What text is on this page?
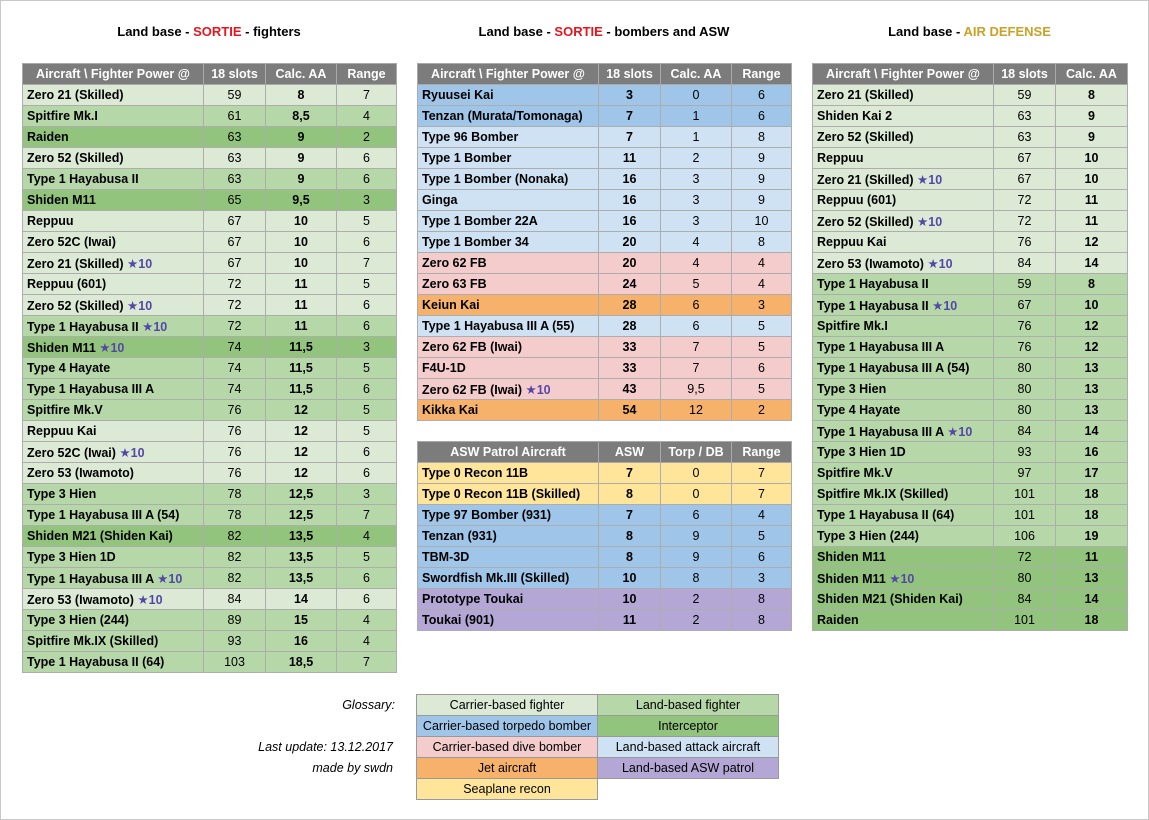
Land base - SORTIE - fighters	Land base - SORTIE - bombers and ASW	Land base - AIR DEFENSE
Aircraft \ Fighter Power @	18 slots	Calc. AA	Range
Zero 21 (Skilled)	59	8	7
Spitfire Mk.I	61	8,5	4
Raiden	63	9	2
Zero 52 (Skilled)	63	9	6
Type 1 Hayabusa II	63	9	6
Shiden M11	65	9,5	3
Reppuu	67	10	5
Zero 52C (Iwai)	67	10	6
Zero 21 (Skilled) ★10	67	10	7
Reppuu (601)	72	11	5
Zero 52 (Skilled) ★10	72	11	6
Type 1 Hayabusa II ★10	72	11	6
Shiden M11 ★10	74	11,5	3
Type 4 Hayate	74	11,5	5
Type 1 Hayabusa III A	74	11,5	6
Spitfire Mk.V	76	12	5
Reppuu Kai	76	12	5
Zero 52C (Iwai) ★10	76	12	6
Zero 53 (Iwamoto)	76	12	6
Type 3 Hien	78	12,5	3
Type 1 Hayabusa III A (54)	78	12,5	7
Shiden M21 (Shiden Kai)	82	13,5	4
Type 3 Hien 1D	82	13,5	5
Type 1 Hayabusa III A ★10	82	13,5	6
Zero 53 (Iwamoto) ★10	84	14	6
Type 3 Hien (244)	89	15	4
Spitfire Mk.IX (Skilled)	93	16	4
Type 1 Hayabusa II (64)	103	18,5	7
Aircraft \ Fighter Power @	18 slots	Calc. AA	Range
Ryuusei Kai	3	0	6
Tenzan (Murata/Tomonaga)	7	1	6
Type 96 Bomber	7	1	8
Type 1 Bomber	11	2	9
Type 1 Bomber (Nonaka)	16	3	9
Ginga	16	3	9
Type 1 Bomber 22A	16	3	10
Type 1 Bomber 34	20	4	8
Zero 62 FB	20	4	4
Zero 63 FB	24	5	4
Keiun Kai	28	6	3
Type 1 Hayabusa III A (55)	28	6	5
Zero 62 FB (Iwai)	33	7	5
F4U-1D	33	7	6
Zero 62 FB (Iwai) ★10	43	9,5	5
Kikka Kai	54	12	2
ASW Patrol Aircraft	ASW	Torp / DB	Range
Type 0 Recon 11B	7	0	7
Type 0 Recon 11B (Skilled)	8	0	7
Type 97 Bomber (931)	7	6	4
Tenzan (931)	8	9	5
TBM-3D	8	9	6
Swordfish Mk.III (Skilled)	10	8	3
Prototype Toukai	10	2	8
Toukai (901)	11	2	8
Aircraft \ Fighter Power @	18 slots	Calc. AA
Zero 21 (Skilled)	59	8
Shiden Kai 2	63	9
Zero 52 (Skilled)	63	9
Reppuu	67	10
Zero 21 (Skilled) ★10	67	10
Reppuu (601)	72	11
Zero 52 (Skilled) ★10	72	11
Reppuu Kai	76	12
Zero 53 (Iwamoto) ★10	84	14
Type 1 Hayabusa II	59	8
Type 1 Hayabusa II ★10	67	10
Spitfire Mk.I	76	12
Type 1 Hayabusa III A	76	12
Type 1 Hayabusa III A (54)	80	13
Type 3 Hien	80	13
Type 4 Hayate	80	13
Type 1 Hayabusa III A ★10	84	14
Type 3 Hien 1D	93	16
Spitfire Mk.V	97	17
Spitfire Mk.IX (Skilled)	101	18
Type 1 Hayabusa II (64)	101	18
Type 3 Hien (244)	106	19
Shiden M11	72	11
Shiden M11 ★10	80	13
Shiden M21 (Shiden Kai)	84	14
Raiden	101	18
Glossary:
Last update: 13.12.2017
made by swdn
Carrier-based fighter	Land-based fighter
Carrier-based torpedo bomber	Interceptor
Carrier-based dive bomber	Land-based attack aircraft
Jet aircraft	Land-based ASW patrol
Seaplane recon	
